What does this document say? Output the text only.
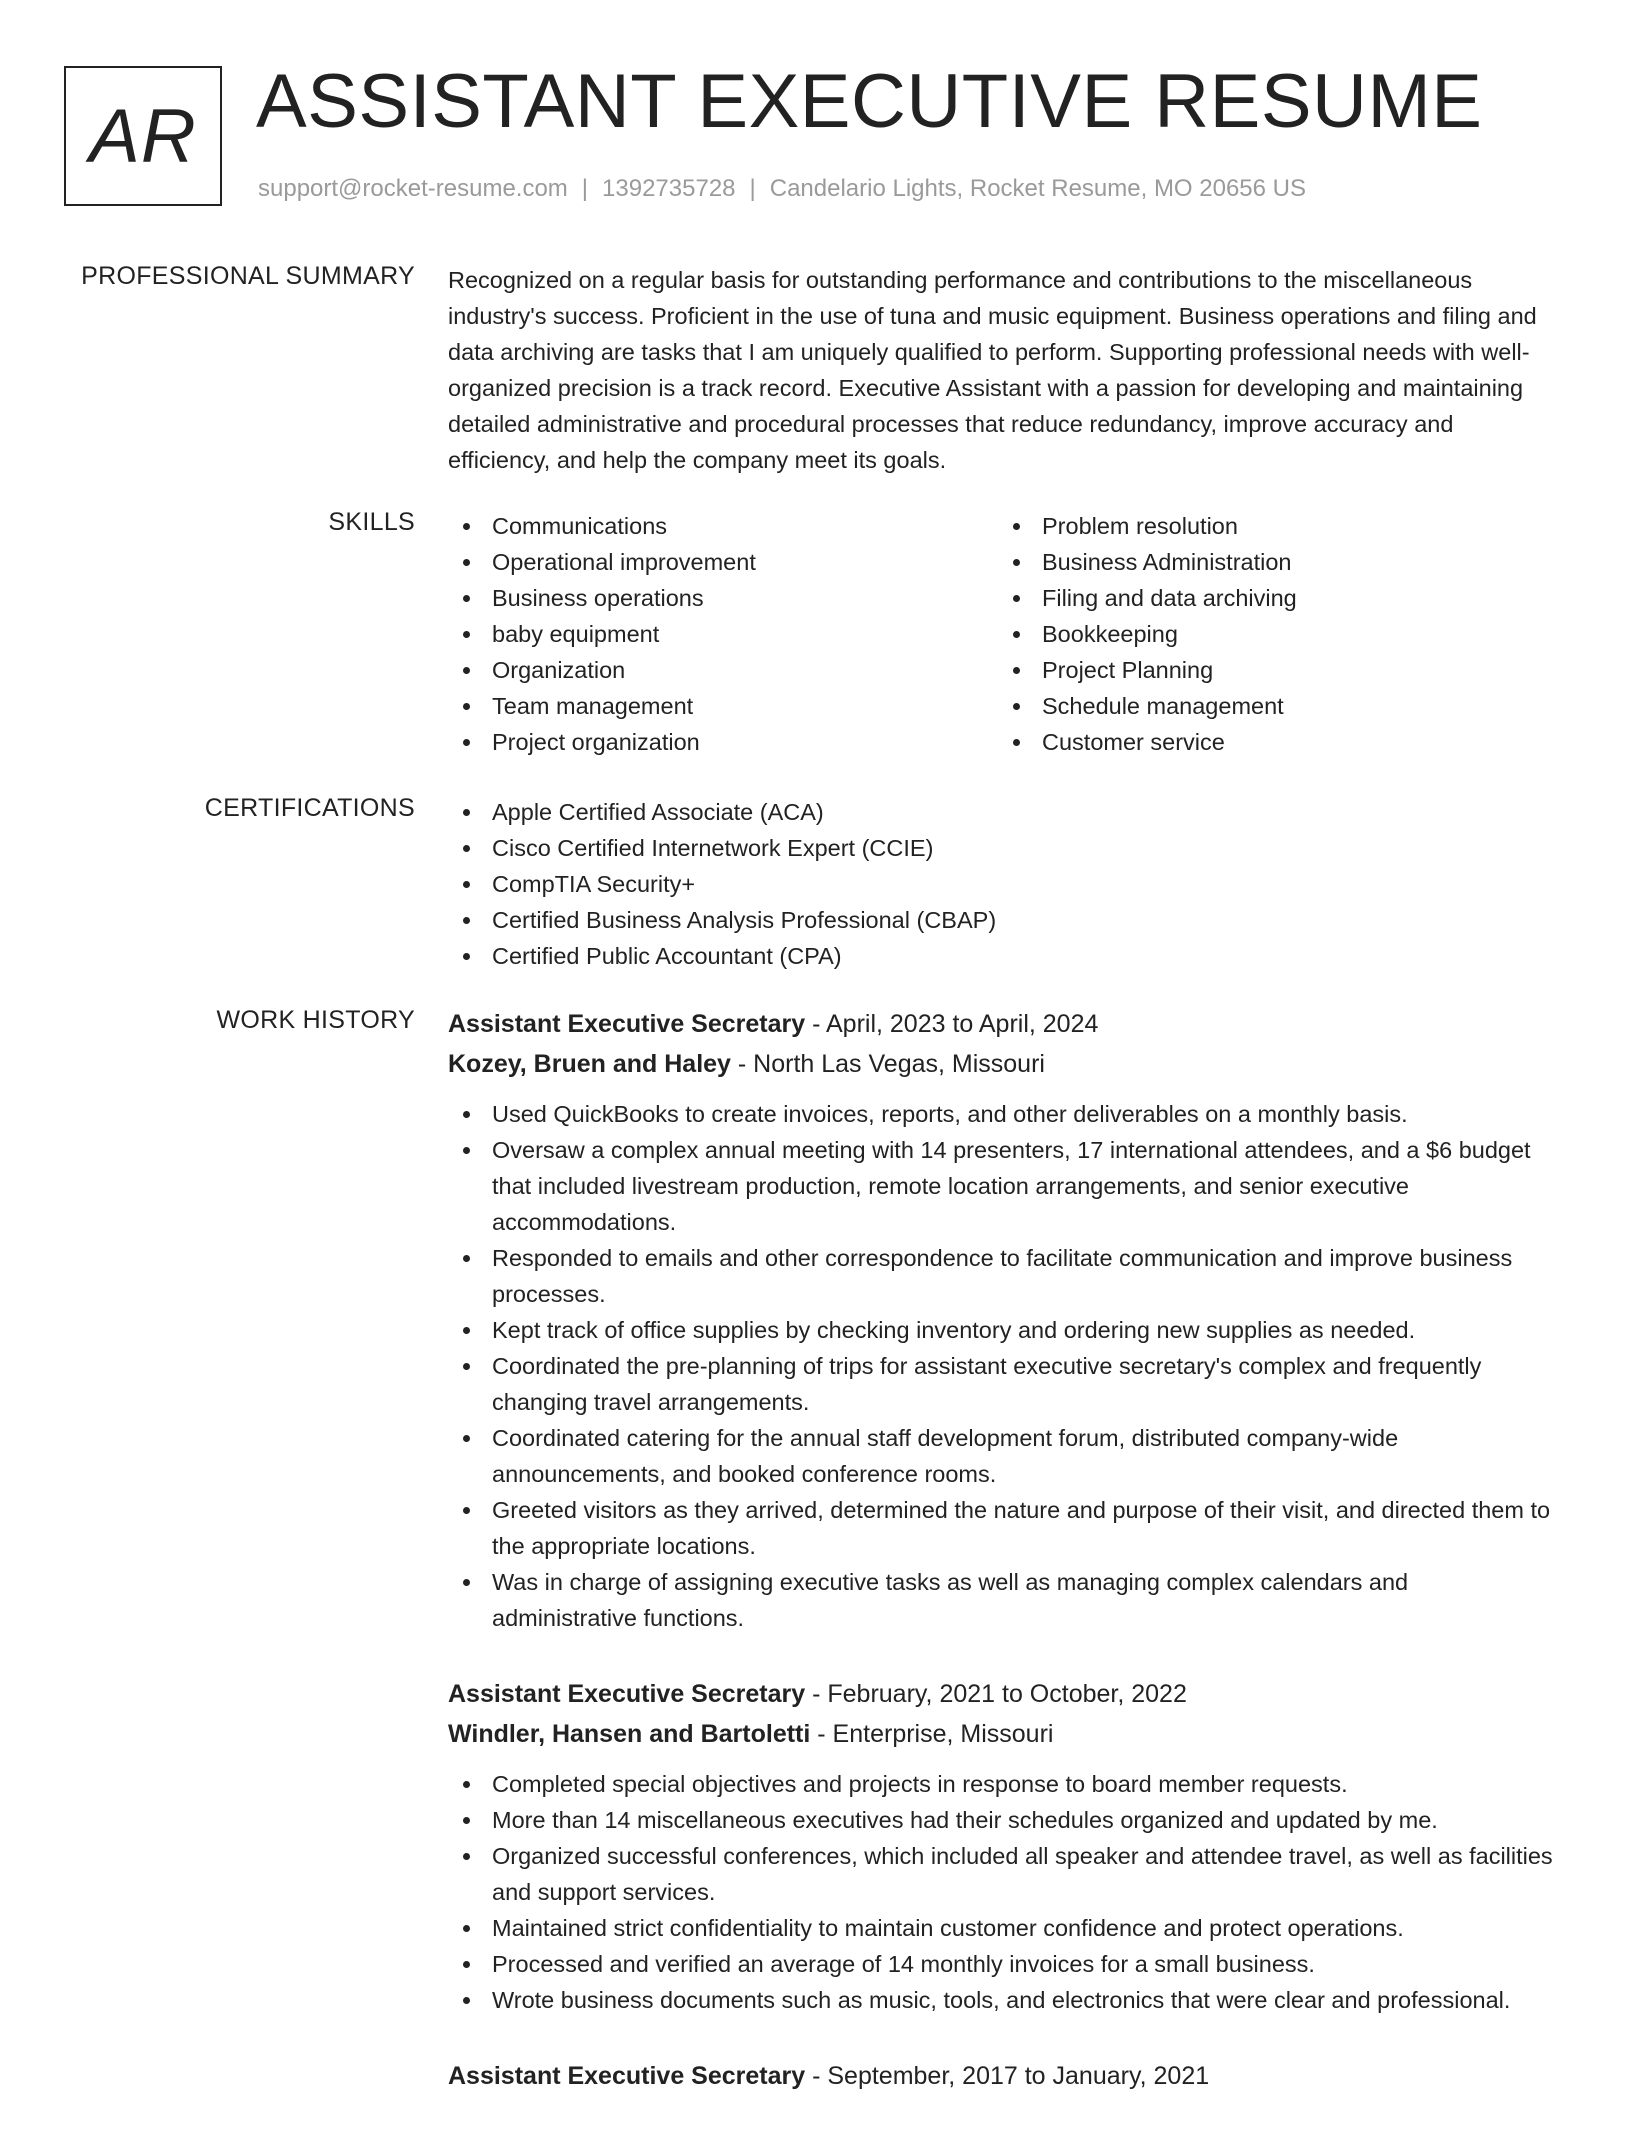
AR ASSISTANT EXECUTIVE RESUME
support@rocket-resume.com | 1392735728 | Candelario Lights, Rocket Resume, MO 20656 US
PROFESSIONAL SUMMARY Recognized on a regular basis for outstanding performance and contributions to the miscellaneous industry's success. Proficient in the use of tuna and music equipment. Business operations and filing and data archiving are tasks that I am uniquely qualified to perform. Supporting professional needs with well-organized precision is a track record. Executive Assistant with a passion for developing and maintaining detailed administrative and procedural processes that reduce redundancy, improve accuracy and efficiency, and help the company meet its goals.

SKILLS	Communications
Operational improvement
Business operations
baby equipment
Organization
Team management
Project organization
Problem resolution
Business Administration
Filing and data archiving
Bookkeeping
Project Planning
Schedule management
Customer service
CERTIFICATIONS	Apple Certified Associate (ACA)
Cisco Certified Internetwork Expert (CCIE)
CompTIA Security+
Certified Business Analysis Professional (CBAP)
Certified Public Accountant (CPA)
WORK HISTORY Assistant Executive Secretary - April, 2023 to April, 2024
Kozey, Bruen and Haley - North Las Vegas, Missouri
Used QuickBooks to create invoices, reports, and other deliverables on a monthly basis.
Oversaw a complex annual meeting with 14 presenters, 17 international attendees, and a $6 budget that included livestream production, remote location arrangements, and senior executive accommodations.
Responded to emails and other correspondence to facilitate communication and improve business processes.
Kept track of office supplies by checking inventory and ordering new supplies as needed.
Coordinated the pre-planning of trips for assistant executive secretary's complex and frequently changing travel arrangements.
Coordinated catering for the annual staff development forum, distributed company-wide announcements, and booked conference rooms.
Greeted visitors as they arrived, determined the nature and purpose of their visit, and directed them to the appropriate locations.
Was in charge of assigning executive tasks as well as managing complex calendars and administrative functions.
Assistant Executive Secretary - February, 2021 to October, 2022
Windler, Hansen and Bartoletti - Enterprise, Missouri
Completed special objectives and projects in response to board member requests.
More than 14 miscellaneous executives had their schedules organized and updated by me.
Organized successful conferences, which included all speaker and attendee travel, as well as facilities and support services.
Maintained strict confidentiality to maintain customer confidence and protect operations.
Processed and verified an average of 14 monthly invoices for a small business.
Wrote business documents such as music, tools, and electronics that were clear and professional.
Assistant Executive Secretary - September, 2017 to January, 2021
